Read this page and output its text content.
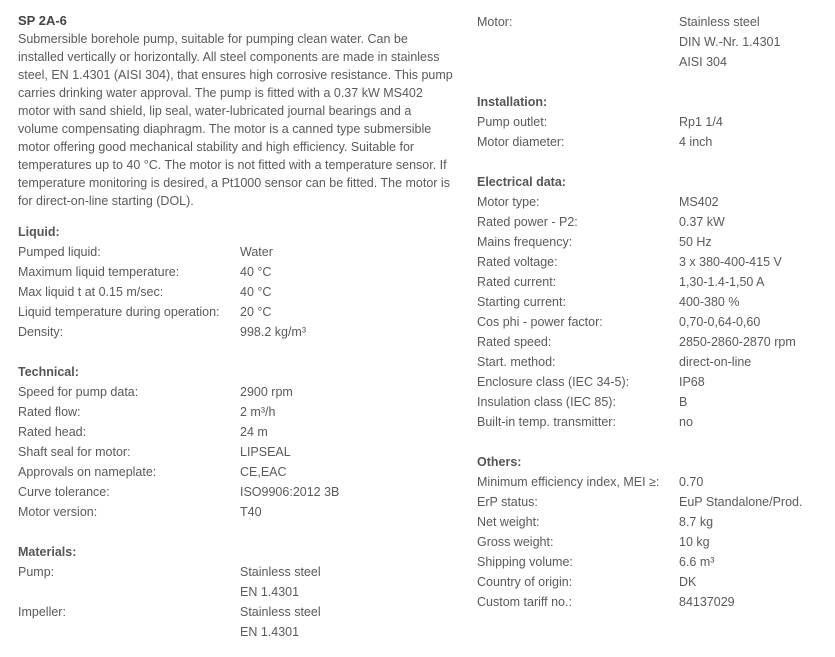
SP 2A-6
Submersible borehole pump, suitable for pumping clean water. Can be installed vertically or horizontally. All steel components are made in stainless steel, EN 1.4301 (AISI 304), that ensures high corrosive resistance. This pump carries drinking water approval. The pump is fitted with a 0.37 kW MS402 motor with sand shield, lip seal, water-lubricated journal bearings and a volume compensating diaphragm. The motor is a canned type submersible motor offering good mechanical stability and high efficiency. Suitable for temperatures up to 40 °C. The motor is not fitted with a temperature sensor. If temperature monitoring is desired, a Pt1000 sensor can be fitted. The motor is for direct-on-line starting (DOL).
Liquid:
Pumped liquid:	Water
Maximum liquid temperature:	40 °C
Max liquid t at 0.15 m/sec:	40 °C
Liquid temperature during operation:	20 °C
Density:	998.2 kg/m³
Technical:
Speed for pump data:	2900 rpm
Rated flow:	2 m³/h
Rated head:	24 m
Shaft seal for motor:	LIPSEAL
Approvals on nameplate:	CE,EAC
Curve tolerance:	ISO9906:2012 3B
Motor version:	T40
Materials:
Pump:	Stainless steel
EN 1.4301
Impeller:	Stainless steel
EN 1.4301
Motor:	Stainless steel
DIN W.-Nr. 1.4301
AISI 304
Installation:
Pump outlet:	Rp1 1/4
Motor diameter:	4 inch
Electrical data:
Motor type:	MS402
Rated power - P2:	0.37 kW
Mains frequency:	50 Hz
Rated voltage:	3 x 380-400-415 V
Rated current:	1,30-1.4-1,50 A
Starting current:	400-380 %
Cos phi - power factor:	0,70-0,64-0,60
Rated speed:	2850-2860-2870 rpm
Start. method:	direct-on-line
Enclosure class (IEC 34-5):	IP68
Insulation class (IEC 85):	B
Built-in temp. transmitter:	no
Others:
Minimum efficiency index, MEI ≥:	0.70
ErP status:	EuP Standalone/Prod.
Net weight:	8.7 kg
Gross weight:	10 kg
Shipping volume:	6.6 m³
Country of origin:	DK
Custom tariff no.:	84137029
